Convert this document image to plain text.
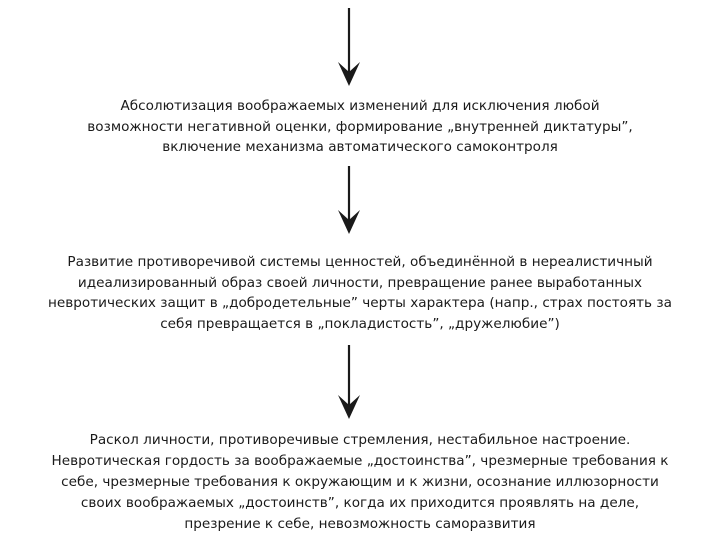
Абсолютизация воображаемых изменений для исключения любой
возможности негативной оценки, формирование „внутренней диктатуры”,
включение механизма автоматического самоконтроля
Развитие противоречивой системы ценностей, объединённой в нереалистичный
идеализированный образ своей личности, превращение ранее выработанных
невротических защит в „добродетельные” черты характера (напр., страх постоять за
себя превращается в „покладистость”, „дружелюбие”)
Раскол личности, противоречивые стремления, нестабильное настроение.
Невротическая гордость за воображаемые „достоинства”, чрезмерные требования к
себе, чрезмерные требования к окружающим и к жизни, осознание иллюзорности
своих воображаемых „достоинств”, когда их приходится проявлять на деле,
презрение к себе, невозможность саморазвития
